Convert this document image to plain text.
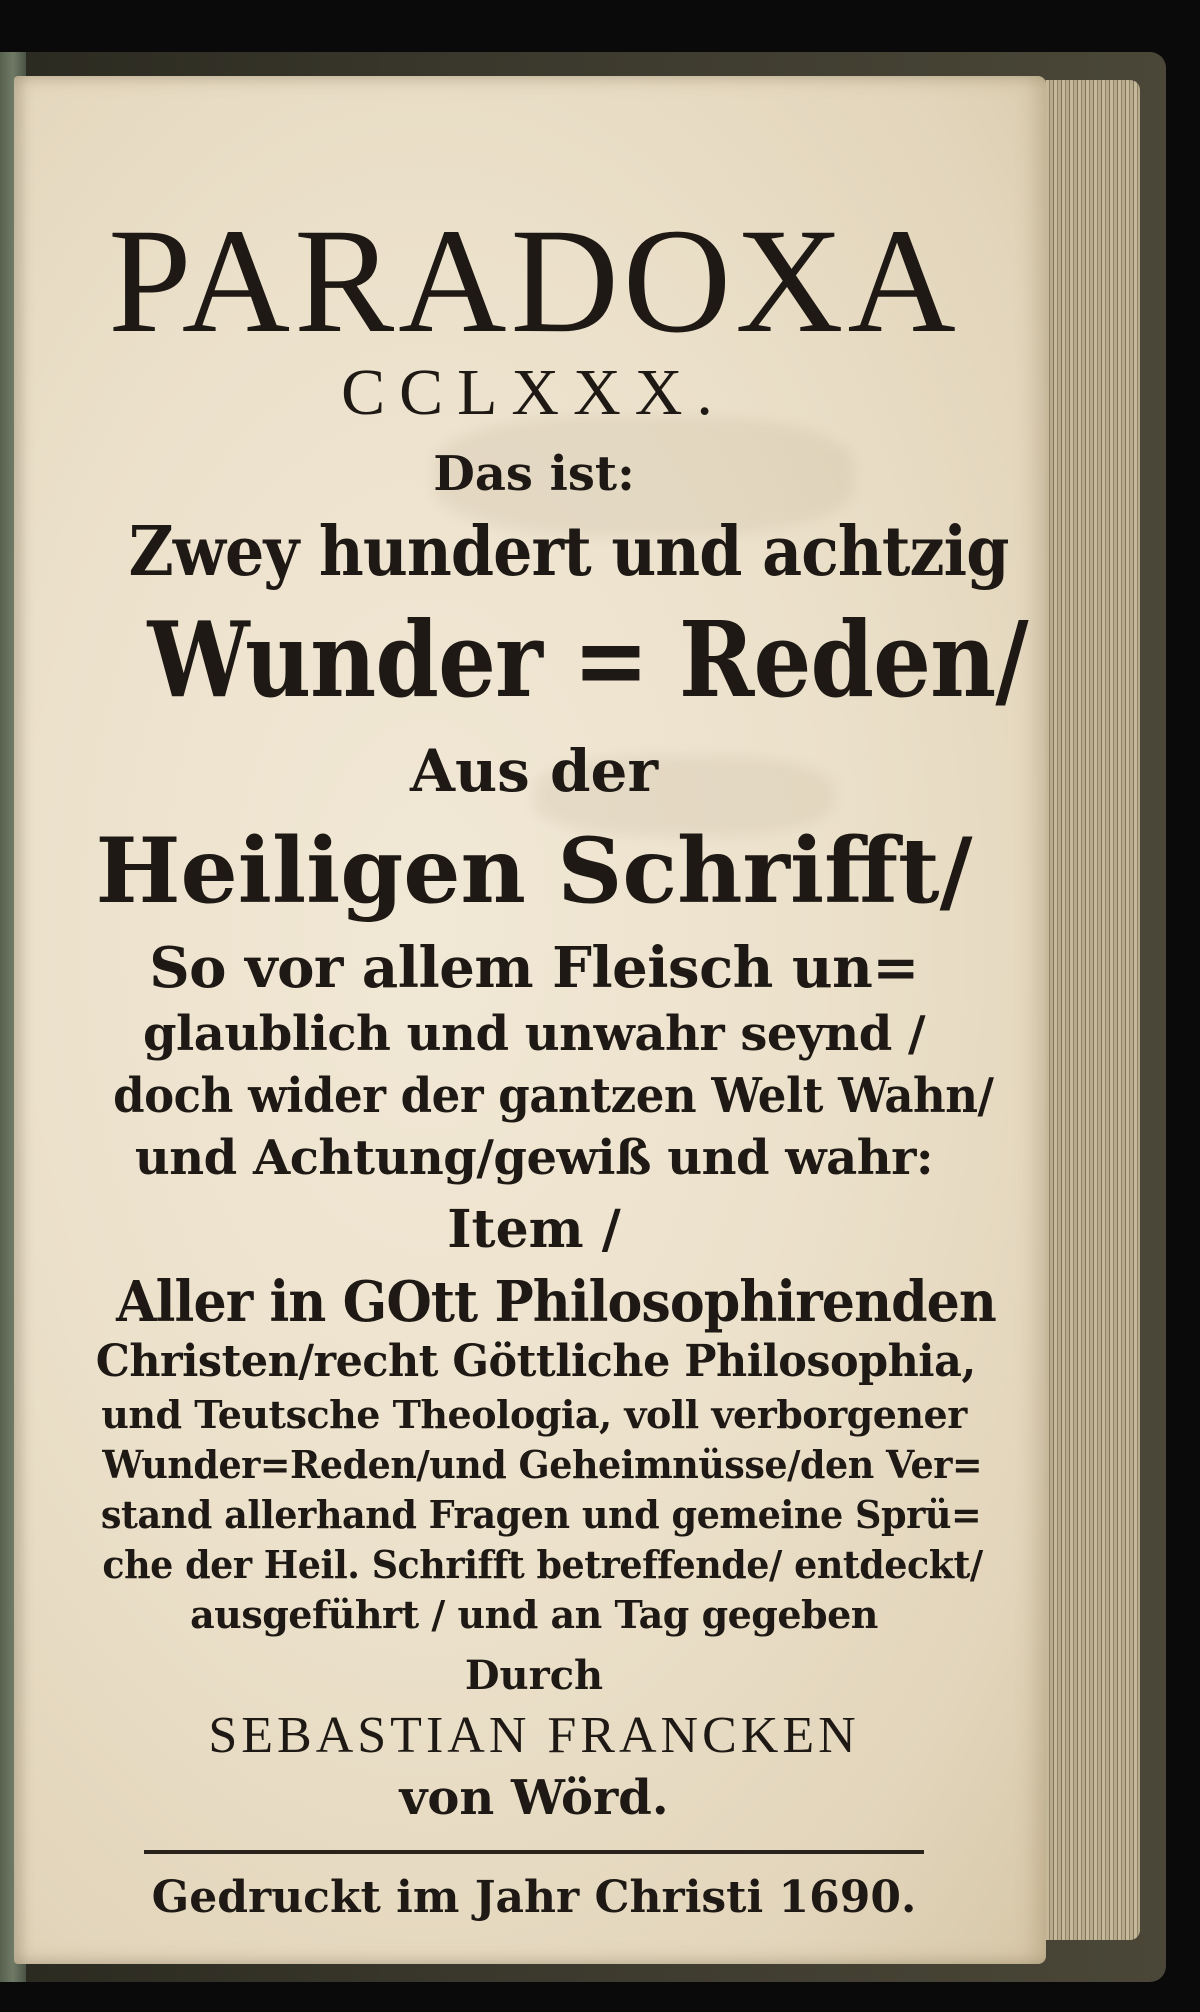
PARADOXA
CCLXXX.
Das ist:
Zwey hundert und achtzig
Wunder = Reden/
Aus der
Heiligen Schrifft/
So vor allem Fleisch un=
glaublich und unwahr seynd /
doch wider der gantzen Welt Wahn/
und Achtung/gewiß und wahr:
Item /
Aller in GOtt Philosophirenden
Christen/recht Göttliche Philosophia,
und Teutsche Theologia, voll verborgener
Wunder=Reden/und Geheimnüsse/den Ver=
stand allerhand Fragen und gemeine Sprü=
che der Heil. Schrifft betreffende/ entdeckt/
ausgeführt / und an Tag gegeben
Durch
SEBASTIAN FRANCKEN
von Wörd.
Gedruckt im Jahr Christi 1690.
